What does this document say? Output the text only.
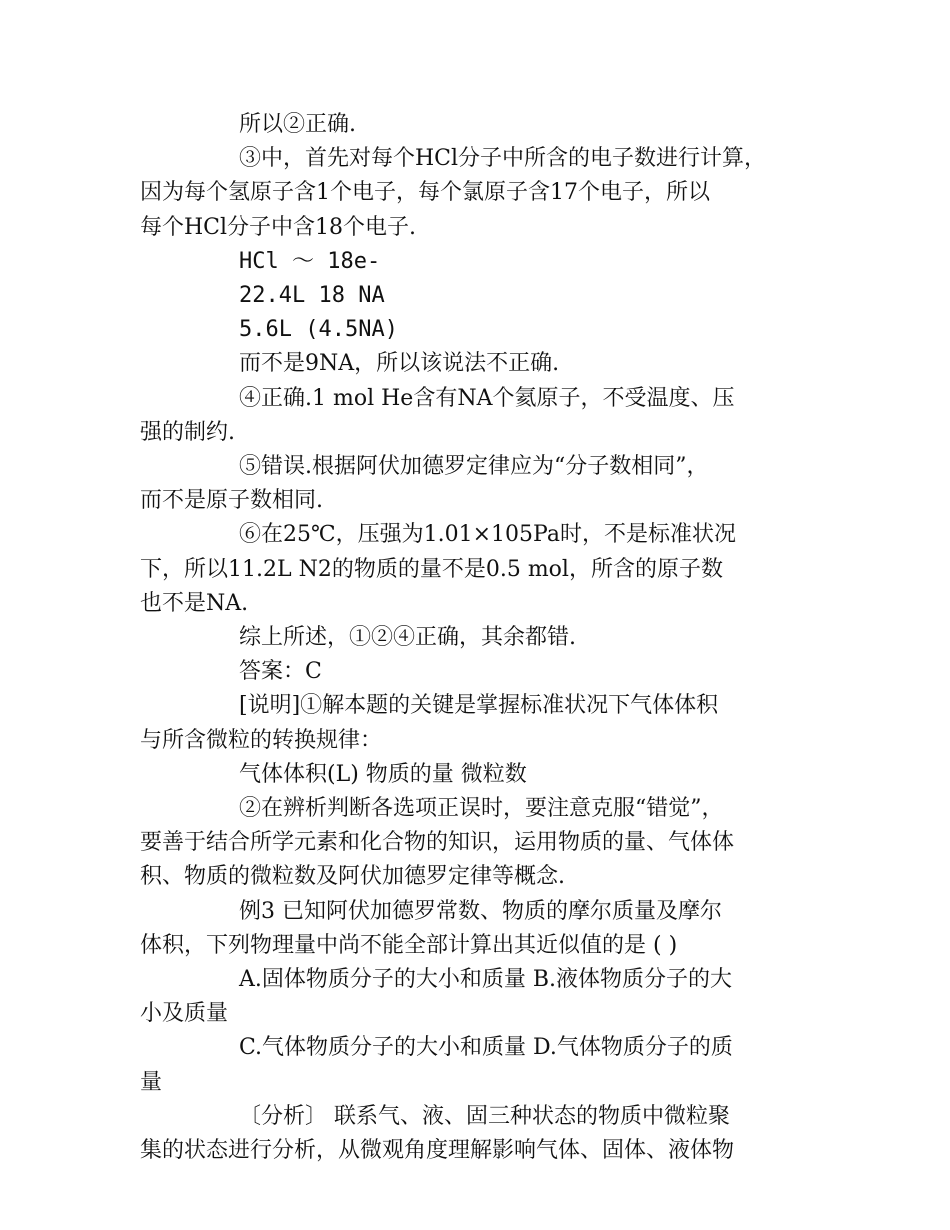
所以②正确.

③中，首先对每个HCl分子中所含的电子数进行计算，
因为每个氢原子含1个电子，每个氯原子含17个电子，所以
每个HCl分子中含18个电子.

HCl ～ 18e-

22.4L 18 NA

5.6L (4.5NA)

而不是9NA，所以该说法不正确.

④正确.1 mol He含有NA个氦原子，不受温度、压
强的制约.

⑤错误.根据阿伏加德罗定律应为“分子数相同”，
而不是原子数相同.

⑥在25℃，压强为1.01×105Pa时，不是标准状况
下，所以11.2L N2的物质的量不是0.5 mol，所含的原子数
也不是NA.

综上所述，①②④正确，其余都错.

答案：C

[说明]①解本题的关键是掌握标准状况下气体体积
与所含微粒的转换规律：

气体体积(L) 物质的量 微粒数

②在辨析判断各选项正误时，要注意克服“错觉”，
要善于结合所学元素和化合物的知识，运用物质的量、气体体
积、物质的微粒数及阿伏加德罗定律等概念.

例3 已知阿伏加德罗常数、物质的摩尔质量及摩尔
体积，下列物理量中尚不能全部计算出其近似值的是 ( )

A.固体物质分子的大小和质量 B.液体物质分子的大
小及质量

C.气体物质分子的大小和质量 D.气体物质分子的质
量

〔分析〕 联系气、液、固三种状态的物质中微粒聚
集的状态进行分析，从微观角度理解影响气体、固体、液体物
